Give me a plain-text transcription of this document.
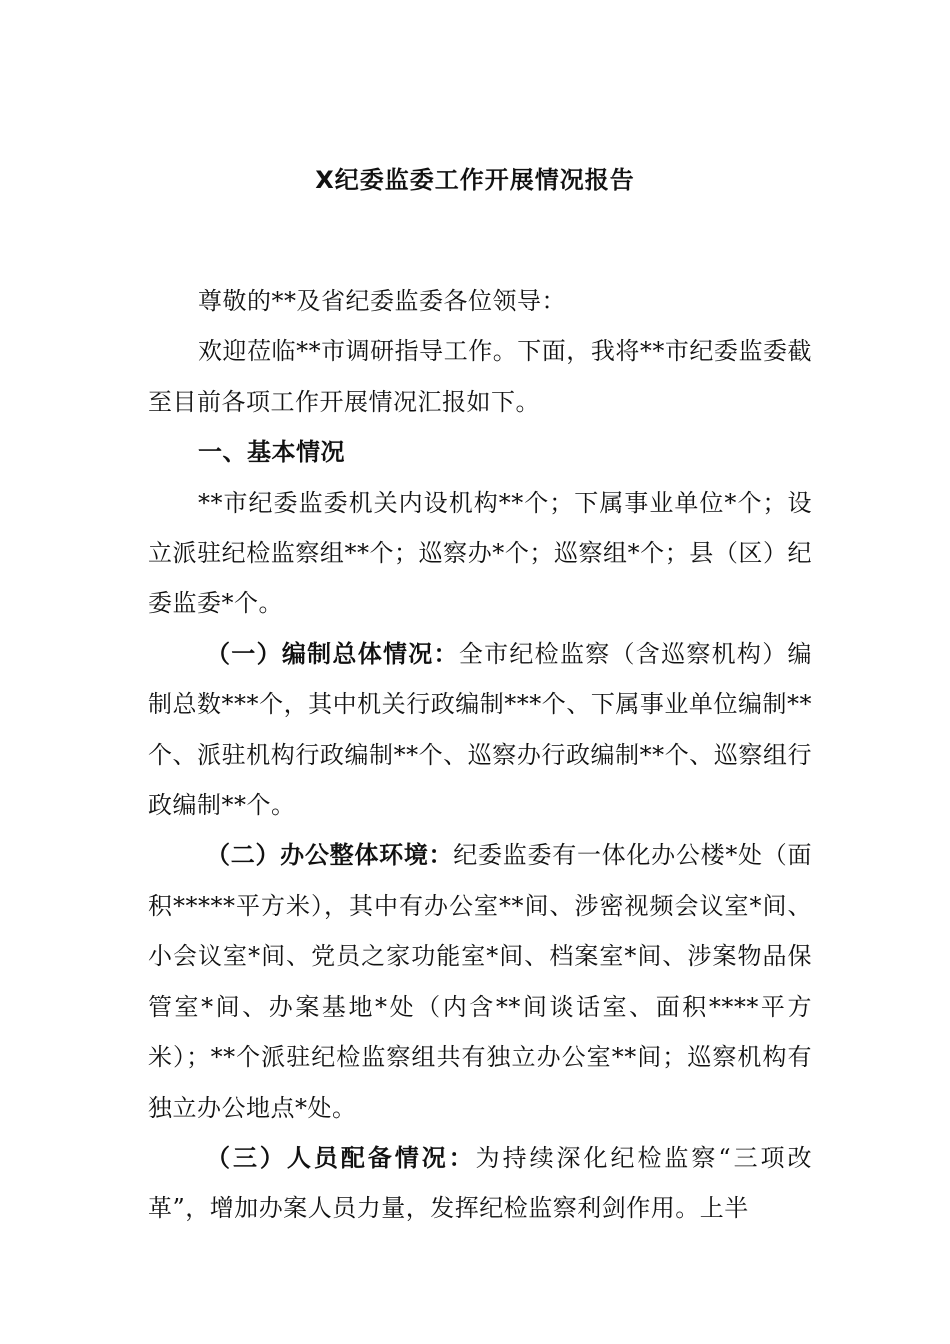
X纪委监委工作开展情况报告

尊敬的**及省纪委监委各位领导：

欢迎莅临**市调研指导工作。下面，我将**市纪委监委截至目前各项工作开展情况汇报如下。

一、基本情况

**市纪委监委机关内设机构**个；下属事业单位*个；设立派驻纪检监察组**个；巡察办*个；巡察组*个；县（区）纪委监委*个。

（一）编制总体情况：全市纪检监察（含巡察机构）编制总数***个，其中机关行政编制***个、下属事业单位编制**个、派驻机构行政编制**个、巡察办行政编制**个、巡察组行政编制**个。

（二）办公整体环境：纪委监委有一体化办公楼*处（面积*****平方米），其中有办公室**间、涉密视频会议室*间、小会议室*间、党员之家功能室*间、档案室*间、涉案物品保管室*间、办案基地*处（内含**间谈话室、面积****平方米）；**个派驻纪检监察组共有独立办公室**间；巡察机构有独立办公地点*处。

（三）人员配备情况：为持续深化纪检监察“三项改革”，增加办案人员力量，发挥纪检监察利剑作用。上半
